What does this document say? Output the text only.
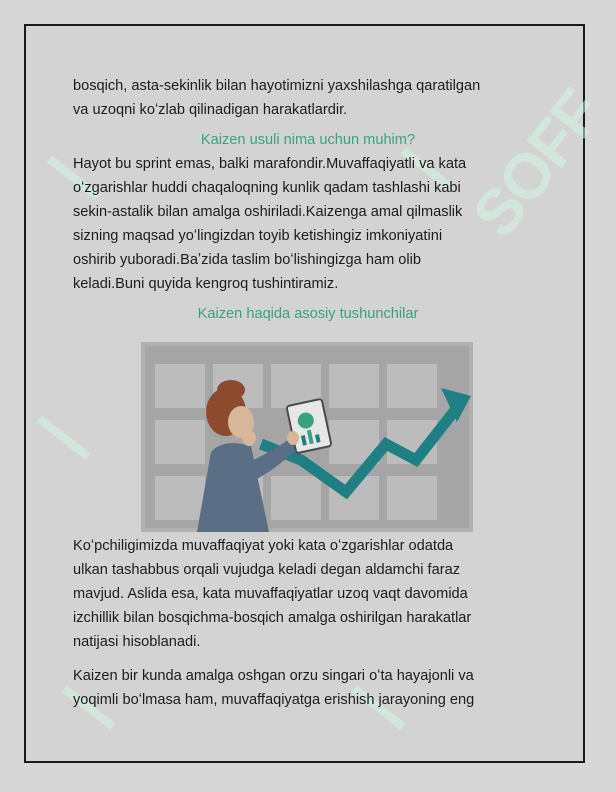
ꟾ SOFF
ꟾ
ꟾ
ꟾ	ꟾ

bosqich, asta-sekinlik bilan hayotimizni yaxshilashga qaratilgan

va uzoqni koʻzlab qilinadigan harakatlardir.

Kaizen usuli nima uchun muhim?

Hayot bu sprint emas, balki marafondir.Muvaffaqiyatli va kata

oʻzgarishlar huddi chaqaloqning kunlik qadam tashlashi kabi

sekin-astalik bilan amalga oshiriladi.Kaizenga amal qilmaslik

sizning maqsad yoʻlingizdan toyib ketishingiz imkoniyatini

oshirib yuboradi.Baʼzida taslim boʻlishingizga ham olib

keladi.Buni quyida kengroq tushintiramiz.

Kaizen haqida asosiy tushunchilar

Koʻpchiligimizda muvaffaqiyat yoki kata oʻzgarishlar odatda

ulkan tashabbus orqali vujudga keladi degan aldamchi faraz

mavjud. Aslida esa, kata muvaffaqiyatlar uzoq vaqt davomida

izchillik bilan bosqichma-bosqich amalga oshirilgan harakatlar

natijasi hisoblanadi.

Kaizen bir kunda amalga oshgan orzu singari oʻta hayajonli va

yoqimli boʻlmasa ham, muvaffaqiyatga erishish jarayoning eng
